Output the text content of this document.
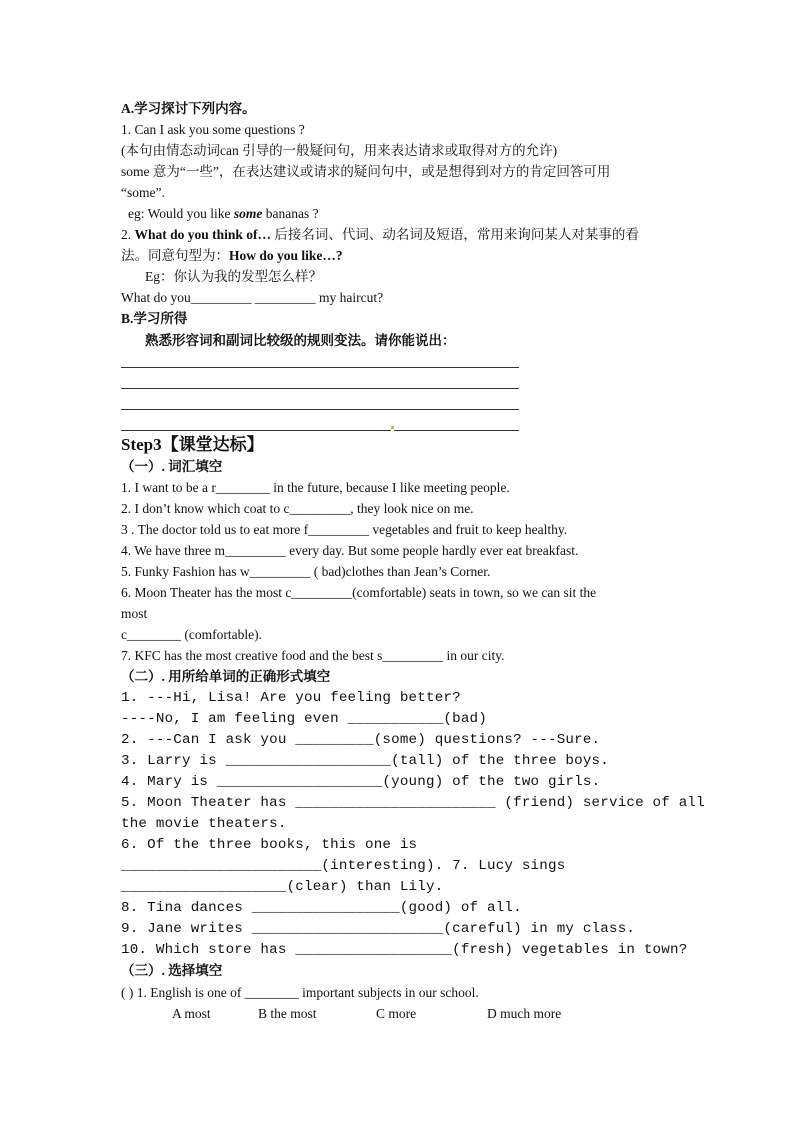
A.学习探讨下列内容。
1. Can I ask you some questions ?
(本句由情态动词can 引导的一般疑问句，用来表达请求或取得对方的允许)
some 意为“一些”，在表达建议或请求的疑问句中，或是想得到对方的肯定回答可用
“some”.
eg: Would you like some bananas ?
2. What do you think of… 后接名词、代词、动名词及短语，常用来询问某人对某事的看
法。同意句型为：How do you like…?
Eg：你认为我的发型怎么样？
What do you_________ _________ my haircut?
B.学习所得
熟悉形容词和副词比较级的规则变法。请你能说出：
Step3【课堂达标】
（一）. 词汇填空
1. I want to be a r________ in the future, because I like meeting people.
2. I don’t know which coat to c_________, they look nice on me.
3 . The doctor told us to eat more f_________ vegetables and fruit to keep healthy.
4. We have three m_________ every day. But some people hardly ever eat breakfast.
5. Funky Fashion has w_________ ( bad)clothes than Jean’s Corner.
6. Moon Theater has the most c_________(comfortable) seats in town, so we can sit the
most
c________ (comfortable).
7. KFC has the most creative food and the best s_________ in our city.
（二）. 用所给单词的正确形式填空
1. ---Hi, Lisa! Are you feeling better?
----No, I am feeling even ___________(bad)
2. ---Can I ask you _________(some) questions? ---Sure.
3. Larry is ___________________(tall) of the three boys.
4. Mary is ___________________(young) of the two girls.
5. Moon Theater has _______________________ (friend) service of all
the movie theaters.
6. Of the three books, this one is
_______________________(interesting). 7. Lucy sings
___________________(clear) than Lily.
8. Tina dances _________________(good) of all.
9. Jane writes ______________________(careful) in my class.
10. Which store has __________________(fresh) vegetables in town?
（三）. 选择填空
( ) 1. English is one of ________ important subjects in our school.
A most	B the most	C more	D much more
